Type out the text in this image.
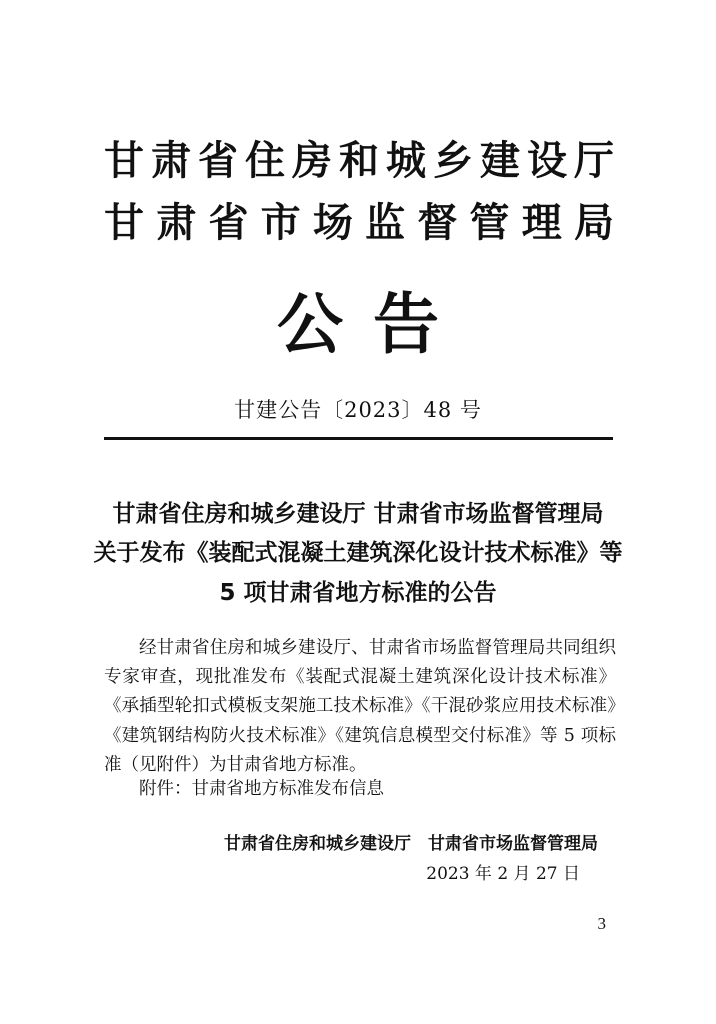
甘肃省住房和城乡建设厅
甘肃省市场监督管理局
公告
甘建公告〔2023〕48 号
甘肃省住房和城乡建设厅 甘肃省市场监督管理局
关于发布《装配式混凝土建筑深化设计技术标准》等
5 项甘肃省地方标准的公告
经甘肃省住房和城乡建设厅、甘肃省市场监督管理局共同组织专家审查，现批准发布《装配式混凝土建筑深化设计技术标准》《承插型轮扣式模板支架施工技术标准》《干混砂浆应用技术标准》《建筑钢结构防火技术标准》《建筑信息模型交付标准》等 5 项标准（见附件）为甘肃省地方标准。
附件：甘肃省地方标准发布信息
甘肃省住房和城乡建设厅　甘肃省市场监督管理局
2023 年 2 月 27 日
3
